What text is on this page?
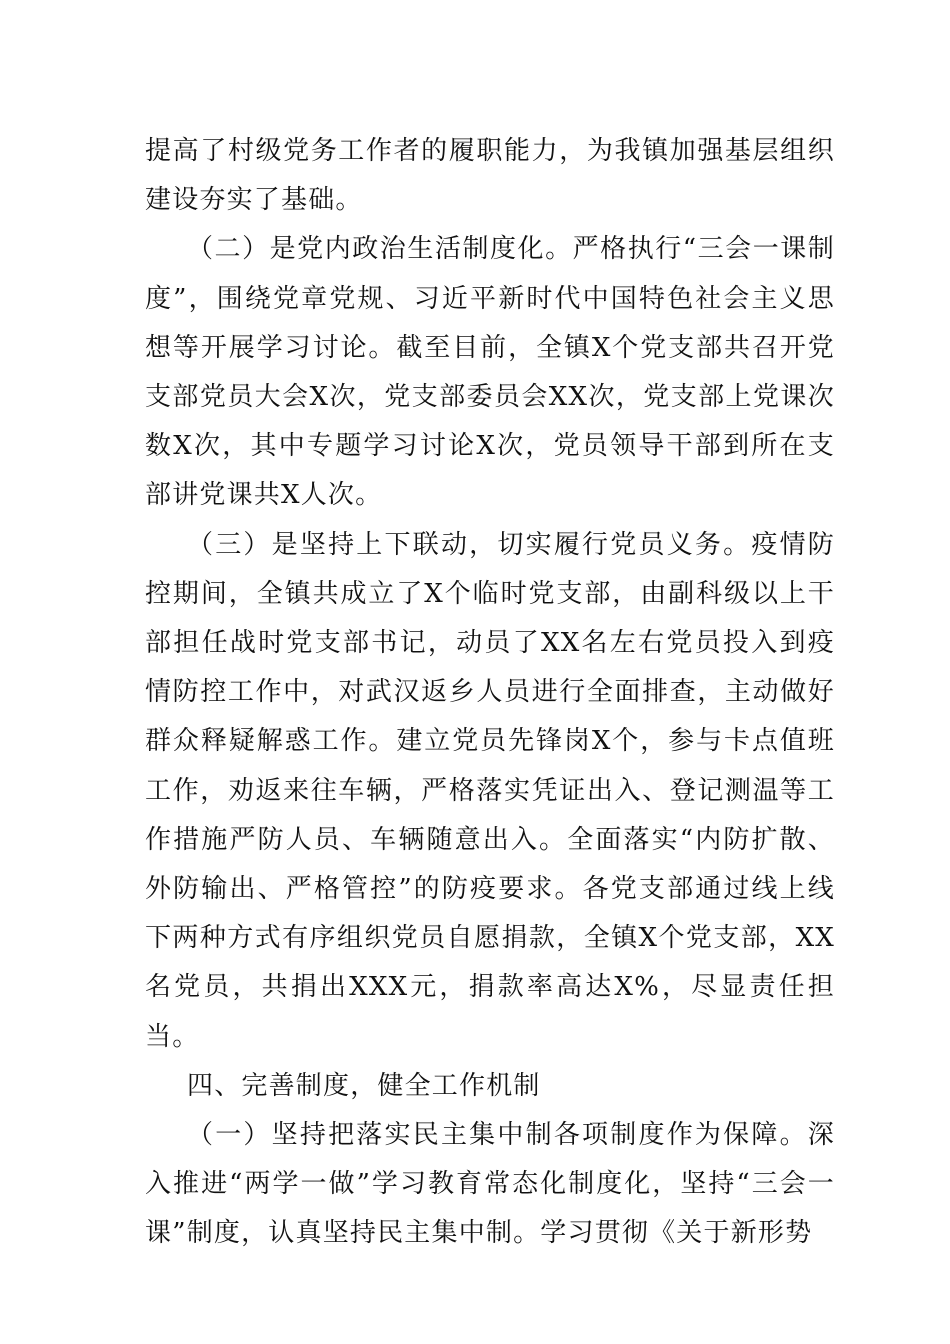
提高了村级党务工作者的履职能力，为我镇加强基层组织建设夯实了基础。

（二）是党内政治生活制度化。严格执行“三会一课制度”，围绕党章党规、习近平新时代中国特色社会主义思想等开展学习讨论。截至目前，全镇X个党支部共召开党支部党员大会X次，党支部委员会XX次，党支部上党课次数X次，其中专题学习讨论X次，党员领导干部到所在支部讲党课共X人次。

（三）是坚持上下联动，切实履行党员义务。疫情防控期间，全镇共成立了X个临时党支部，由副科级以上干部担任战时党支部书记，动员了XX名左右党员投入到疫情防控工作中，对武汉返乡人员进行全面排查，主动做好群众释疑解惑工作。建立党员先锋岗X个，参与卡点值班工作，劝返来往车辆，严格落实凭证出入、登记测温等工作措施严防人员、车辆随意出入。全面落实“内防扩散、外防输出、严格管控”的防疫要求。各党支部通过线上线下两种方式有序组织党员自愿捐款，全镇X个党支部，XX名党员，共捐出XXX元，捐款率高达X%，尽显责任担当。

四、完善制度，健全工作机制

（一）坚持把落实民主集中制各项制度作为保障。深入推进“两学一做”学习教育常态化制度化，坚持“三会一课”制度，认真坚持民主集中制。学习贯彻《关于新形势
